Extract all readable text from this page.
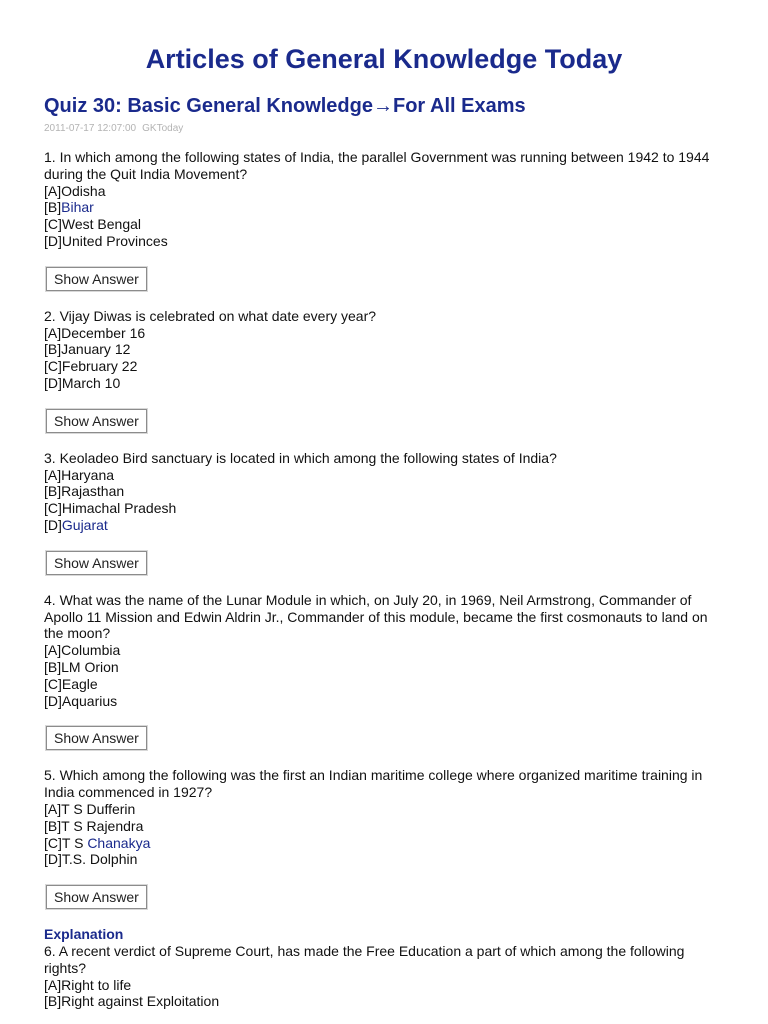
Articles of General Knowledge Today
Quiz 30: Basic General Knowledge→For All Exams
2011-07-17 12:07:00 GKToday
1. In which among the following states of India, the parallel Government was running between 1942 to 1944 during the Quit India Movement?
[A]Odisha
[B]Bihar
[C]West Bengal
[D]United Provinces
Show Answer
2. Vijay Diwas is celebrated on what date every year?
[A]December 16
[B]January 12
[C]February 22
[D]March 10
Show Answer
3. Keoladeo Bird sanctuary is located in which among the following states of India?
[A]Haryana
[B]Rajasthan
[C]Himachal Pradesh
[D]Gujarat
Show Answer
4. What was the name of the Lunar Module in which, on July 20, in 1969, Neil Armstrong, Commander of Apollo 11 Mission and Edwin Aldrin Jr., Commander of this module, became the first cosmonauts to land on the moon?
[A]Columbia
[B]LM Orion
[C]Eagle
[D]Aquarius
Show Answer
5. Which among the following was the first an Indian maritime college where organized maritime training in India commenced in 1927?
[A]T S Dufferin
[B]T S Rajendra
[C]T S Chanakya
[D]T.S. Dolphin
Show Answer
Explanation
6. A recent verdict of Supreme Court, has made the Free Education a part of which among the following rights?
[A]Right to life
[B]Right against Exploitation
